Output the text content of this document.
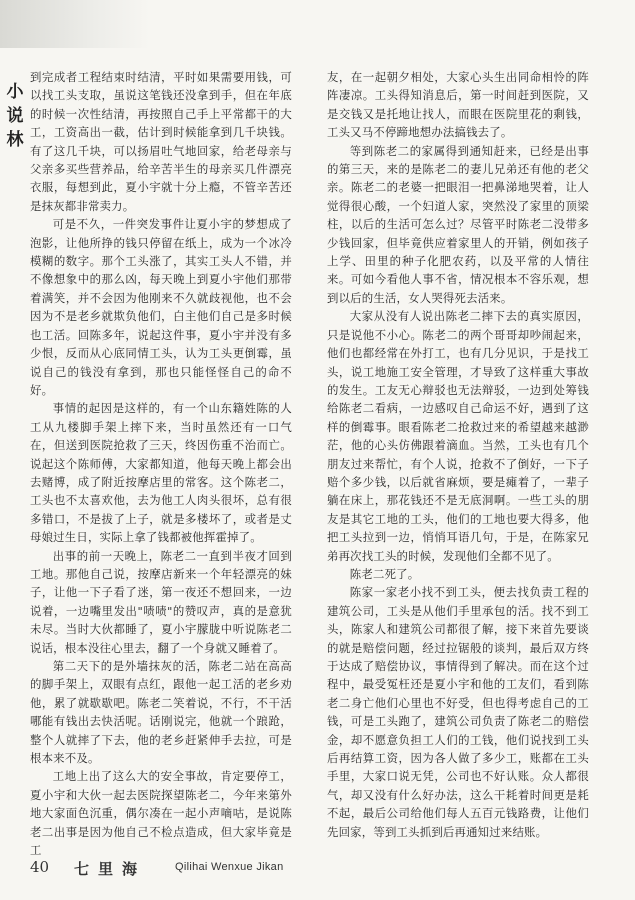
小
说
林

到完成者工程结束时结清，平时如果需要用钱，可以找工头支取，虽说这笔钱还没拿到手，但在年底的时候一次性结清，再按照自己手上平常都干的大工，工资高出一截，估计到时候能拿到几千块钱。有了这几千块，可以扬眉吐气地回家，给老母亲与父亲多买些营养品，给辛苦半生的母亲买几件漂亮衣服，每想到此，夏小宇就十分上瘾，不管辛苦还是抹灰都非常卖力。

可是不久，一件突发事件让夏小宇的梦想成了泡影，让他所挣的钱只停留在纸上，成为一个冰冷模糊的数字。那个工头涨了，其实工头人不错，并不像想象中的那么凶，每天晚上到夏小宇他们那带着满笑，并不会因为他刚来不久就歧视他，也不会因为不是老乡就欺负他们，白主他们自己是多时候也工活。回陈多年，说起这件事，夏小宇并没有多少恨，反而从心底同情工头，认为工头更倒霉，虽说自己的钱没有拿到，那也只能怪怪自己的命不好。

事情的起因是这样的，有一个山东籍姓陈的人工从九楼脚手架上摔下来，当时虽然还有一口气在，但送到医院抢救了三天，终因伤重不治而亡。说起这个陈师傅，大家都知道，他每天晚上都会出去赌博，成了附近按摩店里的常客。这个陈老二，工头也不太喜欢他，去为他工人肉头很坏，总有很多错口，不是拔了上子，就是多楼坏了，或者是丈母娘过生日，实际上拿了钱都被他挥霍掉了。

出事的前一天晚上，陈老二一直到半夜才回到工地。那他自己说，按摩店新来一个年轻漂亮的妹子，让他一下子看了迷，第一夜还不想回来，一边说着，一边嘴里发出"啧啧"的赞叹声，真的是意犹未尽。当时大伙都睡了，夏小宇朦胧中听说陈老二说话，根本没往心里去，翻了一个身就又睡着了。

第二天下的是外墙抹灰的活，陈老二站在高高的脚手架上，双眼有点红，跟他一起工活的老乡劝他，累了就歇歇吧。陈老二笑着说，不行，不干活哪能有钱出去快活呢。话刚说完，他就一个踉跄，整个人就摔了下去，他的老乡赶紧伸手去拉，可是根本来不及。

工地上出了这么大的安全事故，肯定要停工，夏小宇和大伙一起去医院探望陈老二，今年来第外地大家面色沉重，偶尔凑在一起小声嘀咕，是说陈老二出事是因为他自己不检点造成，但大家毕竟是工

友，在一起朝夕相处，大家心头生出同命相怜的阵阵凄凉。工头得知消息后，第一时间赶到医院，又是交钱又是托地让找人，而眼在医院里花的剩钱，工头又马不停蹄地想办法搞钱去了。

等到陈老二的家属得到通知赶来，已经是出事的第三天，来的是陈老二的妻儿兄弟还有他的老父亲。陈老二的老婆一把眼泪一把鼻涕地哭着，让人觉得很心酸，一个妇道人家，突然没了家里的顶梁柱，以后的生活可怎么过？尽管平时陈老二没带多少钱回家，但毕竟供应着家里人的开销，例如孩子上学、田里的种子化肥农药，以及平常的人情往来。可如今看他人事不省，情况根本不容乐观，想到以后的生活，女人哭得死去活来。

大家从没有人说出陈老二摔下去的真实原因，只是说他不小心。陈老二的两个哥哥却吵闹起来，他们也都经常在外打工，也有几分见识，于是找工头，说工地施工安全管理，才导致了这样重大事故的发生。工友无心辩驳也无法辩驳，一边到处筹钱给陈老二看病，一边感叹自己命运不好，遇到了这样的倒霉事。眼看陈老二抢救过来的希望越来越渺茫，他的心头仿佛跟着滴血。当然，工头也有几个朋友过来帮忙，有个人说，抢救不了倒好，一下子赔个多少钱，以后就省麻烦，要是瘫着了，一辈子躺在床上，那花钱还不是无底洞啊。一些工头的朋友是其它工地的工头，他们的工地也要大得多，他把工头拉到一边，悄悄耳语几句，于是，在陈家兄弟再次找工头的时候，发现他们全都不见了。

陈老二死了。

陈家一家老小找不到工头，便去找负责工程的建筑公司，工头是从他们手里承包的活。找不到工头，陈家人和建筑公司都很了解，接下来首先要谈的就是赔偿问题，经过拉锯般的谈判，最后双方终于达成了赔偿协议，事情得到了解决。而在这个过程中，最受冤枉还是夏小宇和他的工友们，看到陈老二身亡他们心里也不好受，但也得考虑自己的工钱，可是工头跑了，建筑公司负责了陈老二的赔偿金，却不愿意负担工人们的工钱，他们说找到工头后再结算工资，因为各人做了多少工，账都在工头手里，大家口说无凭，公司也不好认账。众人都很气，却又没有什么好办法，这么干耗着时间更是耗不起，最后公司给他们每人五百元钱路费，让他们先回家，等到工头抓到后再通知过来结账。

40 七里海	Qilihai Wenxue Jikan
